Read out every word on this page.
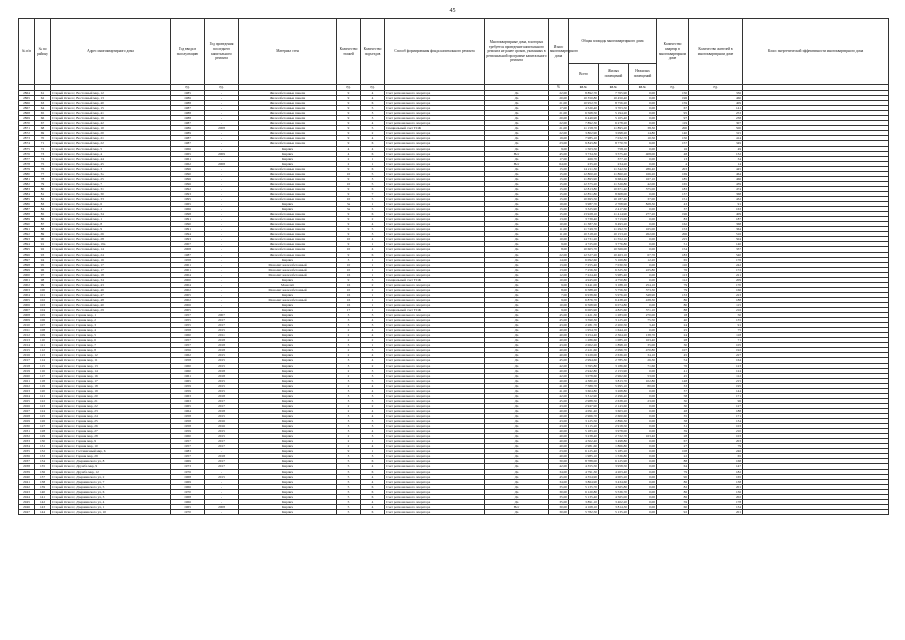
45
№ п/п	№ по району	Адрес многоквартирного дома	Год ввода в эксплуатацию	Год проведения последнего капитального ремонта	Материал стен	Количество этажей	Количество подъездов	Способ формирования фонда капитального ремонта	Многоквартирные дома, в которых требуется проведение капитального ремонта не ранее сроков, указанных в региональной программе капитального ремонта	Износ многоквартирного дома	Общая площадь многоквартирного дома			Количество квартир в многоквартирном доме	Количество жителей в многоквартирном доме	Класс энергетической эффективности многоквартирного дома
											Всего	Жилых помещений	Нежилых помещений			
			ед.	ед.		ед.	ед.			%	кв.м.	кв.м.	кв.м.	ед.	ед.	
2864	61	Старый Оскол г, Восточный мкр, 12	1985	-	Железобетонные панели	9	4	Счет регионального оператора	Да	22,00	8 892,70	7 765,90	0,00	150	336	
2865	62	Старый Оскол г, Восточный мкр, 13	1986	-	Железобетонные панели	9	4	Счет регионального оператора	Да	20,00	10 350,80	10 450,40	0,00	196	460	
2866	63	Старый Оскол г, Восточный мкр, 40	1988	-	Железобетонные панели	9	6	Счет регионального оператора	Да	21,00	10 952,70	8 756,20	0,00	159	409	
2867	64	Старый Оскол г, Восточный мкр, 15	1987	-	Железобетонные панели	9	5	Счет регионального оператора	Да	17,00	4 520,40	3 703,50	0,00	67	141	
2868	65	Старый Оскол г, Восточный мкр, 41	1988	-	Железобетонные панели	9	3	Счет регионального оператора	Да	21,00	6 568,50	5 194,20	0,00	95	253	
2869	66	Старый Оскол г, Восточный мкр, 16	1988	-	Железобетонные панели	9	3	Счет регионального оператора	Да	20,00	6 449,90	5 105,40	0,00	97	238	
2870	67	Старый Оскол г, Восточный мкр, 42	1987	-	Железобетонные панели	9	4	Счет регионального оператора	Да	22,00	7 892,30	6 278,20	0,00	119	307	
2871	68	Старый Оскол г, Восточный мкр, 10	1986	2008	Железобетонные панели	9	5	Специальный счет ТСЖ	Да	21,00	11 158,70	11 895,20	38,30	200	500	
2872	69	Старый Оскол г, Восточный мкр, 20	1989	-	Железобетонные панели	9	2	Счет регионального оператора	Да	22,00	3 802,90	3 098,20	14,80	140	315	
2873	70	Старый Оскол г, Восточный мкр, 21	1987	-	Железобетонные панели	9	4	Счет регионального оператора	Да	19,00	7 985,10	7 032,70	10,50	150	414	
2874	71	Старый Оскол г, Восточный мкр, 22	1987	-	Железобетонные панели	9	6	Счет регионального оператора	Да	23,00	9 843,80	8 770,70	6,00	157	349	
2875	72	Старый Оскол г, Восточный мкр, 5	1966	-	Кирпич	4	4	Счет регионального оператора	Да	9,00	1 503,50	758,10	0,00	16	49	
2876	73	Старый Оскол г, Восточный мкр, 4	1965	2009	Кирпич	4	6	Счет регионального оператора	Нет	45,00	3 734,30	3 575,40	408,00	48	132	
2877	74	Старый Оскол г, Восточный мкр, 44	1961	-	Кирпич	2	1	Счет регионального оператора	Да	17,00	466,70	377,10	0,00	13	34	
2878	75	Старый Оскол г, Восточный мкр, 45	1962	2008	Кирпич	2	1	Счет регионального оператора	Нет	64,00	235,20	234,20	0,00	4	14	
2879	76	Старый Оскол г, Восточный мкр, 3	1996	-	Железобетонные панели	9	6	Счет регионального оператора	Да	15,00	14 211,30	11 342,50	286,40	203	445	
2880	77	Старый Оскол г, Восточный мкр, 3а	1990	-	Железобетонные панели	10	5	Счет регионального оператора	Да	15,00	12 800,20	11 860,20	166,20	169	464	
2881	78	Старый Оскол г, Восточный мкр, 25	1996	-	Железобетонные панели	9	3	Счет регионального оператора	Да	15,00	11 895,90	9 684,20	167,10	185	466	
2882	79	Старый Оскол г, Восточный мкр, 7	1996	-	Железобетонные панели	10	5	Счет регионального оператора	Да	15,00	12 375,20	11 326,80	42,00	165	439	
2883	80	Старый Оскол г, Восточный мкр, 31	1992	-	Железобетонные панели	9	6	Счет регионального оператора	Да	15,00	12 813,80	10 671,40	375,00	183	474	
2884	81	Старый Оскол г, Восточный мкр, 30	1993	-	Железобетонные панели	9	7	Счет регионального оператора	Да	15,00	12 851,80	8 608,00	0,00	137	368	
2885	82	Старый Оскол г, Восточный мкр, 33	1995	-	Железобетонные панели	10	5	Счет регионального оператора	Да	15,00	10 695,50	10 187,40	37,00	151	432	
2886	83	Старый Оскол г, Восточный мкр, 6	1965	-	Кирпич	3а	1	Счет регионального оператора	Да	19,00	3 987,70	2 708,90	828,30	43	91	
2887	84	Старый Оскол г, Восточный мкр, 2	1966	-	Кирпич	3а	5	Счет регионального оператора	Да	15,00	3 325,90	2 417,60	0,00	37	163	
2888	85	Старый Оскол г, Восточный мкр, 34	1998	-	Железобетонные панели	9	6	Счет регионального оператора	Да	15,00	13 928,10	11 414,90	277,20	196	409	
2889	86	Старый Оскол г, Восточный мкр, 1	1991	-	Железобетонные панели	9	2	Счет регионального оператора	Да	13,00	3 739,40	3 713,00	0,00	83	187	
2890	87	Старый Оскол г, Восточный мкр, 8	1990	-	Железобетонные панели	9	4	Счет регионального оператора	Да	10,00	11 387,30	9 493,20	0,00	162	368	
2891	88	Старый Оскол г, Восточный мкр, 9	1991	-	Железобетонные панели	9	5	Счет регионального оператора	Да	11,00	11 749,70	11 292,70	165,00	153	364	
2892	89	Старый Оскол г, Восточный мкр, 26	1994	-	Железобетонные панели	9	3	Счет регионального оператора	Да	11,00	10 318,20	10 153,20	262,00	206	516	
2893	90	Старый Оскол г, Восточный мкр, 28	1993	-	Железобетонные панели	10	4	Счет регионального оператора	Да	10,00	14 731,20	11 552,10	0,00	215	504	
2894	91	Старый Оскол г, Восточный мкр, 19а	2007	-	Железобетонные панели	9	1	Счет регионального оператора	Да	9,00	4 725,00	3 776,80	0,00	51	140	
2895	92	Старый Оскол г, Восточный мкр, 14	2008	-	Железобетонные панели	10	4	Счет регионального оператора	Да	8,00	10 605,70	10 566,00	0,00	154	337	
2896	93	Старый Оскол г, Восточный мкр, 24	1987	-	Железобетонные панели	9	6	Счет регионального оператора	Да	22,00	12 527,20	10 463,10	67,70	183	540	
2897	94	Старый Оскол г, Восточный мкр, 16	1958	-	Кирпич	3	1	Счет регионального оператора	Да	14,00	6 092,60	5 169,80	12,20	65	176	
2898	95	Старый Оскол г, Восточный мкр, 17	2001	-	Монолит железобетонный	10	1	Счет регионального оператора	Да	13,00	7 255,40	7 030,50	0,00	110	242	
2899	96	Старый Оскол г, Восточный мкр, 17	2001	-	Монолит железобетонный	10	1	Счет регионального оператора	Да	13,00	7 256,30	6 325,30	225,80	76	172	
2900	97	Старый Оскол г, Восточный мкр, 18	2004	-	Монолит железобетонный	16	1	Счет регионального оператора	Да	12,00	7 224,40	5 985,40	0,00	113	221	
2901	98	Старый Оскол г, Восточный мкр, 34	2000	-	Кирпич	9	3	Специальный счет ТСЖ	Да	10,00	4 945,00	4 750,80	0,00	112	209	
2902	99	Старый Оскол г, Восточный мкр, 43	2004	-	Монолит	16	2	Счет регионального оператора	Да	9,00	3 441,00	3 188,10	254,10	79	170	
2903	100	Старый Оскол г, Восточный мкр, 46	2002	-	Монолит железобетонный	10	2	Счет регионального оператора	Да	8,00	6 588,20	5 756,30	373,30	79	166	
2904	101	Старый Оскол г, Восточный мкр, 47	2005	-	Кирпич	16	1	Счет регионального оператора	Да	7,00	6 938,60	5 976,20	348,90	133	223	
2905	102	Старый Оскол г, Восточный мкр, 48	2002	-	Монолит железобетонный	16	1	Счет регионального оператора	Да	9,00	6 876,70	6 438,20	438,30	86	188	
2906	103	Старый Оскол г, Восточный мкр, 40	2006	-	Кирпич	16	1	Счет регионального оператора	Да	10,00	6 568,90	6 074,80	0,00	80	115	
2907	104	Старый Оскол г, Восточный мкр, 29	2005	-	Кирпич	17	1	Специальный счет ТСЖ	Да	9,00	6 065,90	4 825,60	371,10	88	216	
2908	105	Старый Оскол г, Горняк мкр, 1	1957	2007	Кирпич	3	3	Счет регионального оператора	Да	45,00	1 421,30	1 283,00	270,00	18	50	
2909	106	Старый Оскол г, Горняк мкр, 2	1955	2017	Кирпич	3	4	Счет регионального оператора	Да	45,00	3 590,30	3 125,20	75,50	40	135	
2910	107	Старый Оскол г, Горняк мкр, 3	1955	2017	Кирпич	3	3	Счет регионального оператора	Да	43,00	2 281,70	2 200,50	3,40	24	91	
2911	108	Старый Оскол г, Горняк мкр, 4	1958	2015	Кирпич	2	4	Счет регионального оператора	Да	40,00	1 954,70	1 644,10	0,00	25	75	
2912	109	Старый Оскол г, Горняк мкр, 5	1960	2011	Кирпич	2	4	Счет регионального оператора	Да	40,00	3 254,40	2 364,20	138,70	24	118	
2913	110	Старый Оскол г, Горняк мкр, 6	1957	2018	Кирпич	2	2	Счет регионального оператора	Да	40,00	1 286,60	1 085,10	163,40	28	71	
2914	111	Старый Оскол г, Горняк мкр, 7	1957	2018	Кирпич	3	1	Счет регионального оператора	Да	43,00	2 002,20	1 898,10	35,00	30	105	
2915	112	Старый Оскол г, Горняк мкр, 8	1956	2018	Кирпич	2	3	Счет регионального оператора	Да	40,00	2 221,60	2 096,70	470,80	107	192	
2916	113	Старый Оскол г, Горняк мкр, 12	1962	2015	Кирпич	2	4	Счет регионального оператора	Да	40,00	3 229,00	2 636,20	34,10	45	227	
2917	114	Старый Оскол г, Горняк мкр, 11	1958	2015	Кирпич	3	4	Счет регионального оператора	Да	45,00	2 994,60	2 785,30	26,30	54	164	
2918	115	Старый Оскол г, Горняк мкр, 13	1960	2015	Кирпич	3	2	Счет регионального оператора	Да	42,00	3 595,80	3 186,60	71,60	76	123	
2919	116	Старый Оскол г, Горняк мкр, 14	1960	2018	Кирпич	2	3	Счет регионального оператора	Да	40,00	2 942,80	2 153,90	0,00	41	124	
2920	117	Старый Оскол г, Горняк мкр, 16	1961	2018	Кирпич	2	3	Счет регионального оператора	Да	42,00	3 078,60	2 962,60	53,00	45	112	
2921	118	Старый Оскол г, Горняк мкр, 17	1965	2015	Кирпич	3	5	Счет регионального оператора	Да	40,00	4 380,20	3 813,70	102,80	148	215	
2922	119	Старый Оскол г, Горняк мкр, 18	1959	2015	Кирпич	2	4	Счет регионального оператора	Да	41,00	7 589,70	5 095,10	80,00	33	195	
2923	120	Старый Оскол г, Горняк мкр, 19	1959	2015	Кирпич	3	4	Счет регионального оператора	Да	41,00	3 604,80	3 268,80	0,00	37	144	
2924	121	Старый Оскол г, Горняк мкр, 20	1963	2018	Кирпич	3	3	Счет регионального оператора	Да	42,00	3 312,90	2 296,40	0,00	58	171	
2925	122	Старый Оскол г, Горняк мкр, 21	1963	2017	Кирпич	3	3	Счет регионального оператора	Да	45,00	2 988,50	2 638,20	23,00	30	96	
2926	123	Старый Оскол г, Горняк мкр, 22	1965	2017	Кирпич	2	2	Счет регионального оператора	Да	43,00	2 947,90	2 143,60	0,00	30	127	
2927	124	Старый Оскол г, Горняк мкр, 23	1964	2018	Кирпич	2	4	Счет регионального оператора	Да	40,00	4 091,40	3 603,20	0,00	48	188	
2928	125	Старый Оскол г, Горняк мкр, 24	1958	2015	Кирпич	3	4	Счет регионального оператора	Да	40,00	2 966,70	2 600,60	0,00	35	171	
2929	126	Старый Оскол г, Горняк мкр, 25	1958	2016	Кирпич	3	3	Счет регионального оператора	Да	43,00	3 125,50	2 896,30	0,00	38	134	
2930	127	Старый Оскол г, Горняк мкр, 26	1958	2016	Кирпич	3	3	Счет регионального оператора	Да	43,00	3 115,20	2 918,50	0,00	31	103	
2931	128	Старый Оскол г, Горняк мкр, 27	1959	2015	Кирпич	3	4	Счет регионального оператора	Да	40,00	5 183,20	3 978,00	0,00	39	210	
2932	129	Старый Оскол г, Горняк мкр, 28	1960	2015	Кирпич	2	3	Счет регионального оператора	Да	40,00	3 238,40	2 722,70	163,40	28	103	
2933	130	Старый Оскол г, Горняк мкр, 9	1957	2017	Кирпич	2	1	Счет регионального оператора	Да	40,00	4 502,40	3 498,80	0,00	67	203	
2934	131	Старый Оскол г, Горняк мкр, 10	1957	2017	Кирпич	2	4	Счет регионального оператора	Да	40,00	2 981,60	1 866,80	0,00	27	79	
2935	132	Старый Оскол г, Гостиничный мкр, 6	1983	-	Кирпич	9	1	Счет регионального оператора	Да	23,00	6 125,40	5 185,20	0,00	108	246	
2936	133	Старый Оскол г, Горняк мкр, 29	1957	2018	Кирпич	3	3	Счет регионального оператора	Да	40,00	1 985,10	1 536,80	0,00	22	65	
2937	134	Старый Оскол г, Дзержинского ул, 8	1969	2017	Кирпич	5	6	Счет регионального оператора	Да	30,00	8 788,00	6 125,90	0,00	88	168	
2938	135	Старый Оскол г, Дружба мкр, 9	1973	2017	Кирпич	5	4	Счет регионального оператора	Да	42,00	4 355,50	3 958,50	0,00	64	147	
2939	136	Старый Оскол г, Дружба мкр, 12	1976	-	Кирпич	5	6	Счет регионального оператора	Да	34,00	4 791,30	4 203,40	0,00	79	182	
2940	137	Старый Оскол г, Дзержинского ул, 2	1968	2015	Кирпич	5	4	Счет регионального оператора	Да	45,00	4 354,90	4 005,20	0,00	90	165	
2941	138	Старый Оскол г, Дзержинского ул, 7	1969	-	Кирпич	5	4	Счет регионального оператора	Да	34,00	3 864,90	3 434,60	0,00	86	138	
2942	139	Старый Оскол г, Дзержинского ул, 5	1966	-	Кирпич	5	6	Счет регионального оператора	Да	35,00	5 135,70	4 565,80	0,00	82	201	
2943	140	Старый Оскол г, Дзержинского ул, 6	1970	-	Кирпич	5	6	Счет регионального оператора	Да	30,00	6 120,80	5 536,70	0,00	86	136	
2944	141	Старый Оскол г, Дзержинского ул, 3	1968	-	Кирпич	5	6	Счет регионального оператора	Да	35,00	5 135,40	4 565,00	0,00	86	202	
2945	142	Старый Оскол г, Дзержинского ул, 4	1966	-	Кирпич	5	4	Счет регионального оператора	Да	35,00	3 891,10	3 402,20	0,00	59	178	
2946	143	Старый Оскол г, Дзержинского ул, 1	1965	2008	Кирпич	5	4	Счет регионального оператора	Нет	30,00	4 168,10	3 814,30	0,00	60	134	
2947	144	Старый Оскол г, Дзержинского ул, 10	1970	-	Кирпич	5	6	Счет регионального оператора	Да	30,00	5 782,50	5 135,20	0,00	92	201	
